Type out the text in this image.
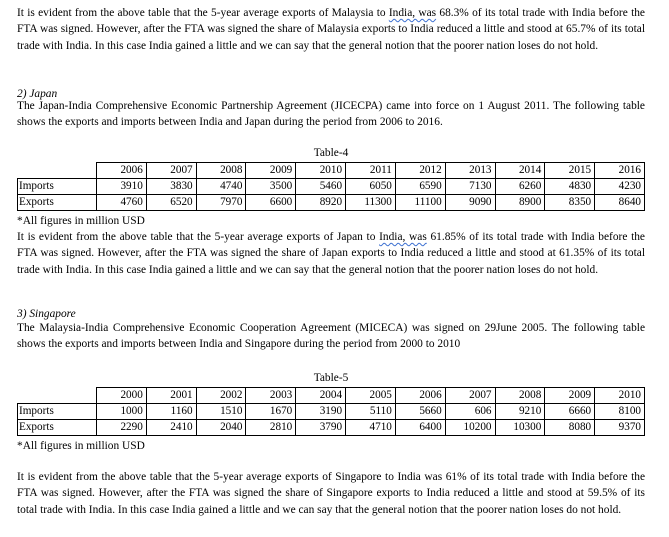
It is evident from the above table that the 5-year average exports of Malaysia to India, was 68.3% of its total trade with India before the FTA was signed. However, after the FTA was signed the share of Malaysia exports to India reduced a little and stood at 65.7% of its total trade with India. In this case India gained a little and we can say that the general notion that the poorer nation loses do not hold.

2) Japan

The Japan-India Comprehensive Economic Partnership Agreement (JICECPA) came into force on 1 August 2011. The following table shows the exports and imports between India and Japan during the period from 2006 to 2016.

Table-4

	2006	2007	2008	2009	2010	2011	2012	2013	2014	2015	2016
Imports	3910	3830	4740	3500	5460	6050	6590	7130	6260	4830	4230
Exports	4760	6520	7970	6600	8920	11300	11100	9090	8900	8350	8640

*All figures in million USD

It is evident from the above table that the 5-year average exports of Japan to India, was 61.85% of its total trade with India before the FTA was signed. However, after the FTA was signed the share of Japan exports to India reduced a little and stood at 61.35% of its total trade with India. In this case India gained a little and we can say that the general notion that the poorer nation loses do not hold.

3) Singapore

The Malaysia-India Comprehensive Economic Cooperation Agreement (MICECA) was signed on 29June 2005. The following table shows the exports and imports between India and Singapore during the period from 2000 to 2010

Table-5

	2000	2001	2002	2003	2004	2005	2006	2007	2008	2009	2010
Imports	1000	1160	1510	1670	3190	5110	5660	606	9210	6660	8100
Exports	2290	2410	2040	2810	3790	4710	6400	10200	10300	8080	9370

*All figures in million USD

It is evident from the above table that the 5-year average exports of Singapore to India was 61% of its total trade with India before the FTA was signed. However, after the FTA was signed the share of Singapore exports to India reduced a little and stood at 59.5% of its total trade with India. In this case India gained a little and we can say that the general notion that the poorer nation loses do not hold.
